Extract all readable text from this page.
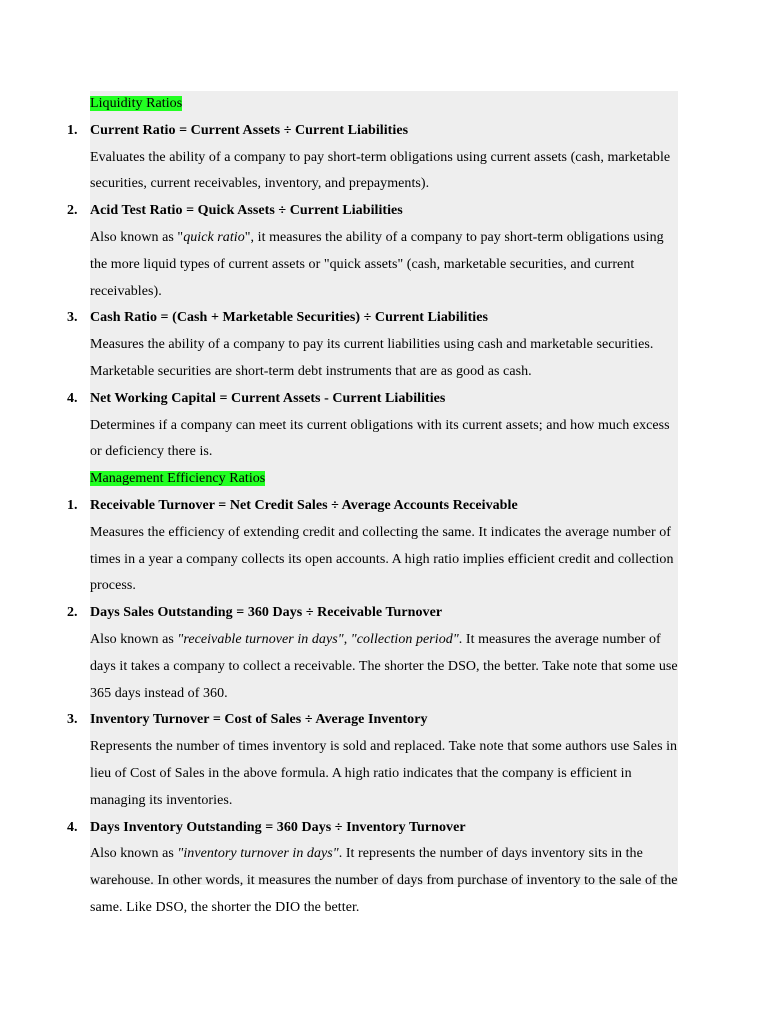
Liquidity Ratios
1. Current Ratio = Current Assets ÷ Current Liabilities

Evaluates the ability of a company to pay short-term obligations using current assets (cash, marketable securities, current receivables, inventory, and prepayments).

2. Acid Test Ratio = Quick Assets ÷ Current Liabilities

Also known as "quick ratio", it measures the ability of a company to pay short-term obligations using the more liquid types of current assets or "quick assets" (cash, marketable securities, and current receivables).

3. Cash Ratio = (Cash + Marketable Securities) ÷ Current Liabilities

Measures the ability of a company to pay its current liabilities using cash and marketable securities. Marketable securities are short-term debt instruments that are as good as cash.

4. Net Working Capital = Current Assets - Current Liabilities

Determines if a company can meet its current obligations with its current assets; and how much excess or deficiency there is.

Management Efficiency Ratios
1. Receivable Turnover = Net Credit Sales ÷ Average Accounts Receivable

Measures the efficiency of extending credit and collecting the same. It indicates the average number of times in a year a company collects its open accounts. A high ratio implies efficient credit and collection process.

2. Days Sales Outstanding = 360 Days ÷ Receivable Turnover

Also known as "receivable turnover in days", "collection period". It measures the average number of days it takes a company to collect a receivable. The shorter the DSO, the better. Take note that some use 365 days instead of 360.

3. Inventory Turnover = Cost of Sales ÷ Average Inventory

Represents the number of times inventory is sold and replaced. Take note that some authors use Sales in lieu of Cost of Sales in the above formula. A high ratio indicates that the company is efficient in managing its inventories.

4. Days Inventory Outstanding = 360 Days ÷ Inventory Turnover

Also known as "inventory turnover in days". It represents the number of days inventory sits in the warehouse. In other words, it measures the number of days from purchase of inventory to the sale of the same. Like DSO, the shorter the DIO the better.
